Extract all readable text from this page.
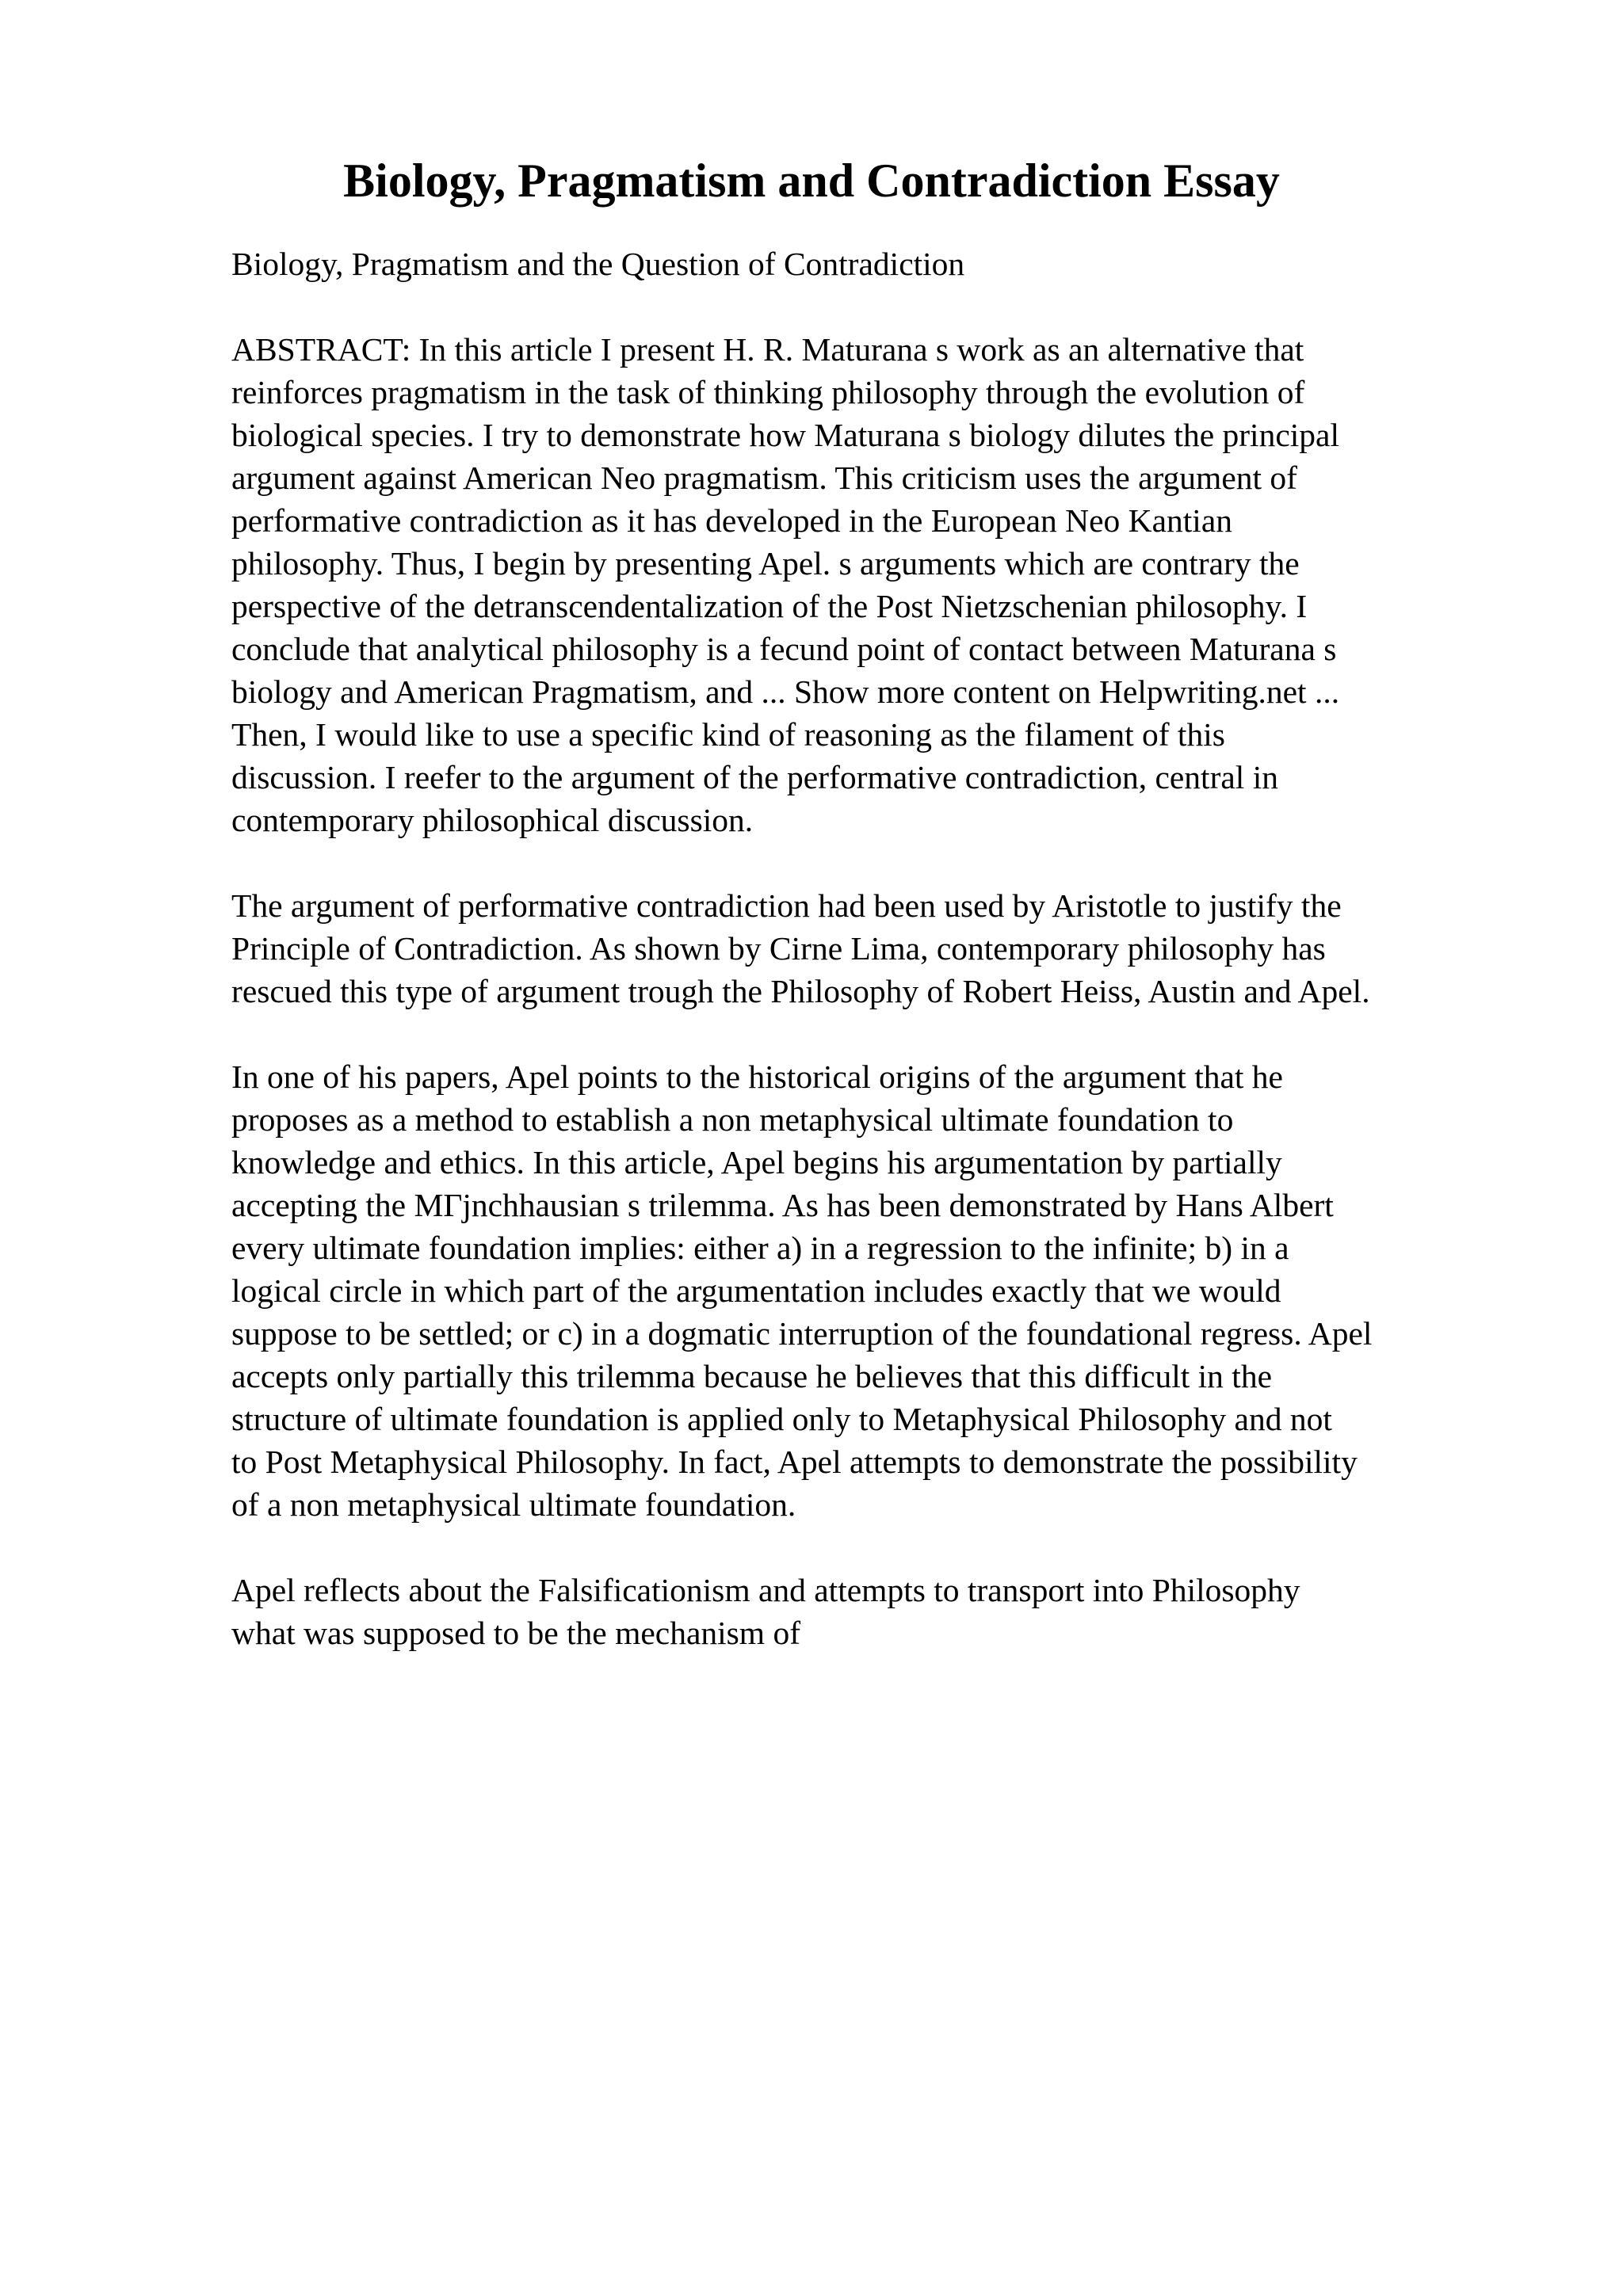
Biology, Pragmatism and Contradiction Essay

Biology, Pragmatism and the Question of Contradiction

ABSTRACT: In this article I present H. R. Maturana s work as an alternative that
reinforces pragmatism in the task of thinking philosophy through the evolution of
biological species. I try to demonstrate how Maturana s biology dilutes the principal
argument against American Neo pragmatism. This criticism uses the argument of
performative contradiction as it has developed in the European Neo Kantian
philosophy. Thus, I begin by presenting Apel. s arguments which are contrary the
perspective of the detranscendentalization of the Post Nietzschenian philosophy. I
conclude that analytical philosophy is a fecund point of contact between Maturana s
biology and American Pragmatism, and ... Show more content on Helpwriting.net ...
Then, I would like to use a specific kind of reasoning as the filament of this
discussion. I reefer to the argument of the performative contradiction, central in
contemporary philosophical discussion.

The argument of performative contradiction had been used by Aristotle to justify the
Principle of Contradiction. As shown by Cirne Lima, contemporary philosophy has
rescued this type of argument trough the Philosophy of Robert Heiss, Austin and Apel.

In one of his papers, Apel points to the historical origins of the argument that he
proposes as a method to establish a non metaphysical ultimate foundation to
knowledge and ethics. In this article, Apel begins his argumentation by partially
accepting the MГјnchhausian s trilemma. As has been demonstrated by Hans Albert
every ultimate foundation implies: either a) in a regression to the infinite; b) in a
logical circle in which part of the argumentation includes exactly that we would
suppose to be settled; or c) in a dogmatic interruption of the foundational regress. Apel
accepts only partially this trilemma because he believes that this difficult in the
structure of ultimate foundation is applied only to Metaphysical Philosophy and not
to Post Metaphysical Philosophy. In fact, Apel attempts to demonstrate the possibility
of a non metaphysical ultimate foundation.

Apel reflects about the Falsificationism and attempts to transport into Philosophy
what was supposed to be the mechanism of
